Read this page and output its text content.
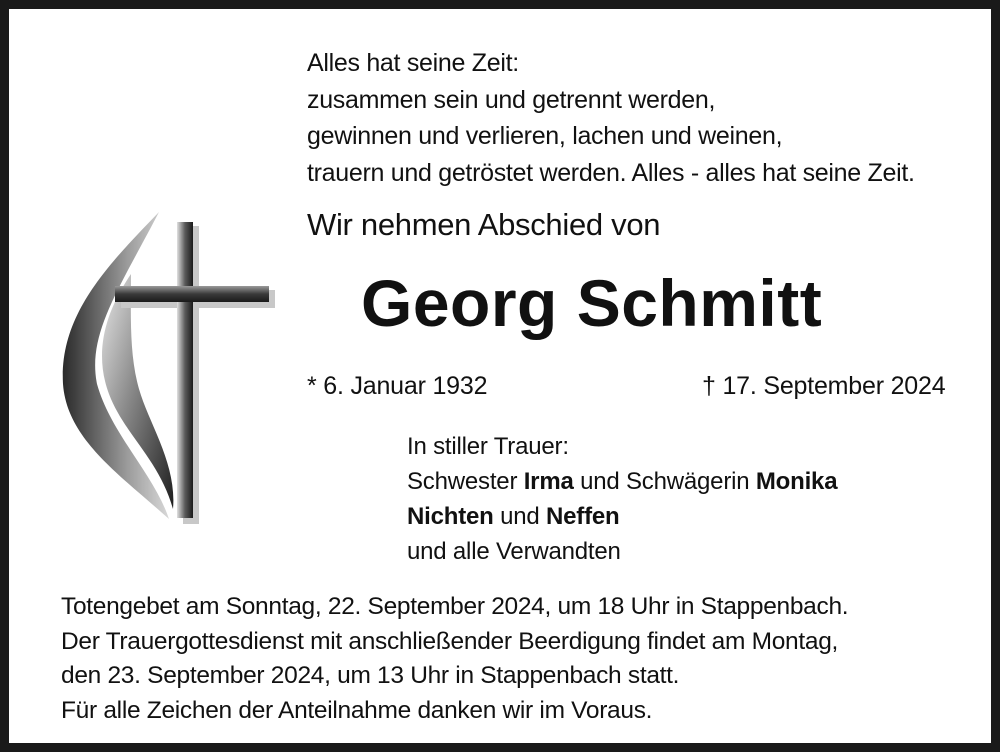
Alles hat seine Zeit:
zusammen sein und getrennt werden,
gewinnen und verlieren, lachen und weinen,
trauern und getröstet werden. Alles - alles hat seine Zeit.
Wir nehmen Abschied von
Georg Schmitt
* 6. Januar 1932	† 17. September 2024
In stiller Trauer:
Schwester Irma und Schwägerin Monika
Nichten und Neffen
und alle Verwandten
Totengebet am Sonntag, 22. September 2024, um 18 Uhr in Stappenbach.
Der Trauergottesdienst mit anschließender Beerdigung findet am Montag,
den 23. September 2024, um 13 Uhr in Stappenbach statt.
Für alle Zeichen der Anteilnahme danken wir im Voraus.
